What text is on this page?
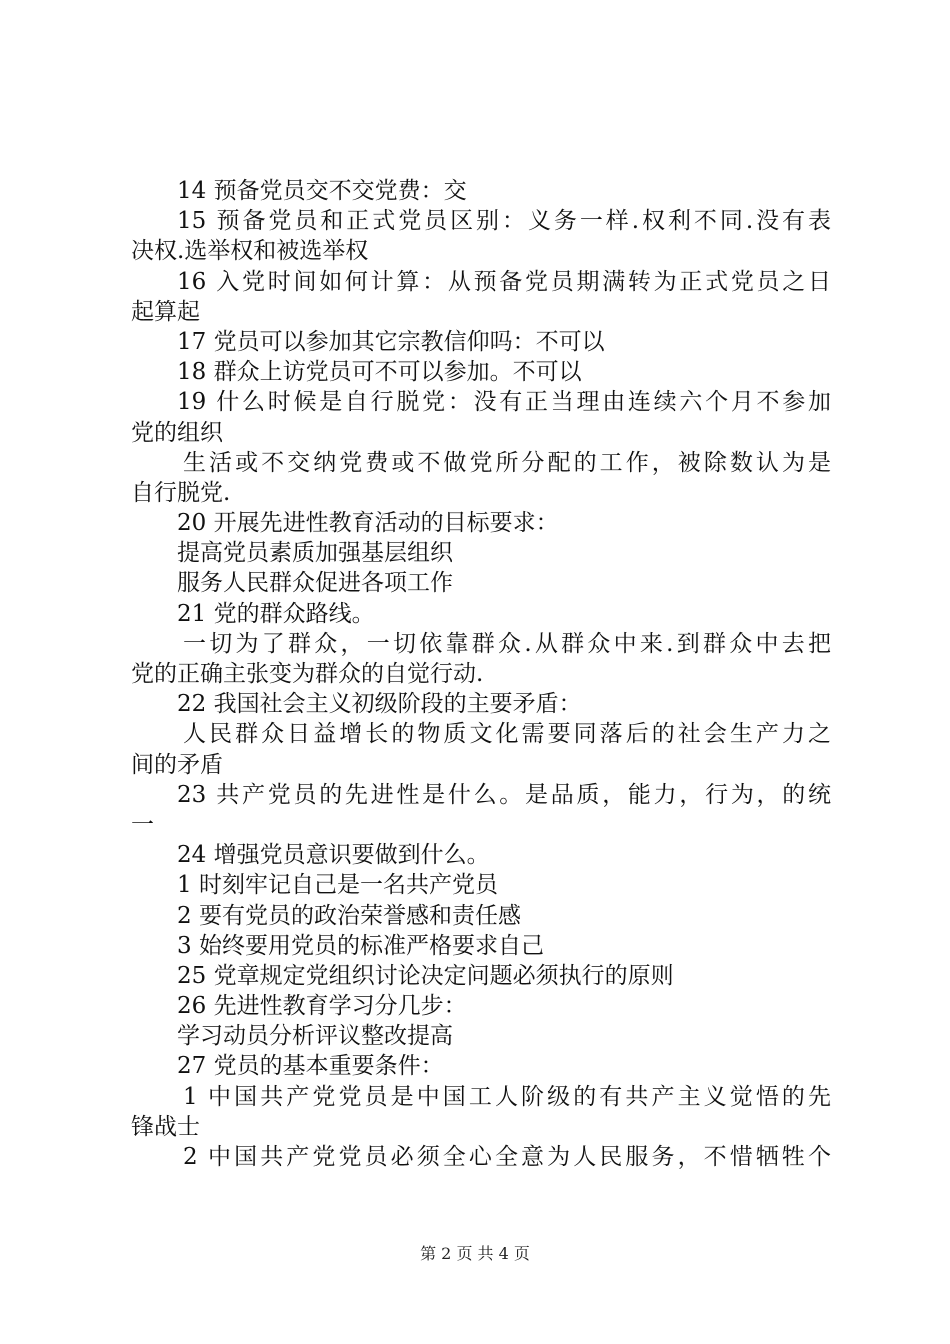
14 预备党员交不交党费：交
15 预备党员和正式党员区别：义务一样.权利不同.没有表
决权.选举权和被选举权
16 入党时间如何计算：从预备党员期满转为正式党员之日
起算起
17 党员可以参加其它宗教信仰吗：不可以
18 群众上访党员可不可以参加。不可以
19 什么时候是自行脱党：没有正当理由连续六个月不参加
党的组织
生活或不交纳党费或不做党所分配的工作，被除数认为是
自行脱党.
20 开展先进性教育活动的目标要求：
提高党员素质加强基层组织
服务人民群众促进各项工作
21 党的群众路线。
一切为了群众，一切依靠群众.从群众中来.到群众中去把
党的正确主张变为群众的自觉行动.
22 我国社会主义初级阶段的主要矛盾：
人民群众日益增长的物质文化需要同落后的社会生产力之
间的矛盾
23 共产党员的先进性是什么。是品质，能力，行为，的统
一
24 增强党员意识要做到什么。
1 时刻牢记自己是一名共产党员
2 要有党员的政治荣誉感和责任感
3 始终要用党员的标准严格要求自己
25 党章规定党组织讨论决定问题必须执行的原则
26 先进性教育学习分几步：
学习动员分析评议整改提高
27 党员的基本重要条件：
1 中国共产党党员是中国工人阶级的有共产主义觉悟的先
锋战士
2 中国共产党党员必须全心全意为人民服务，不惜牺牲个
第 2 页 共 4 页
